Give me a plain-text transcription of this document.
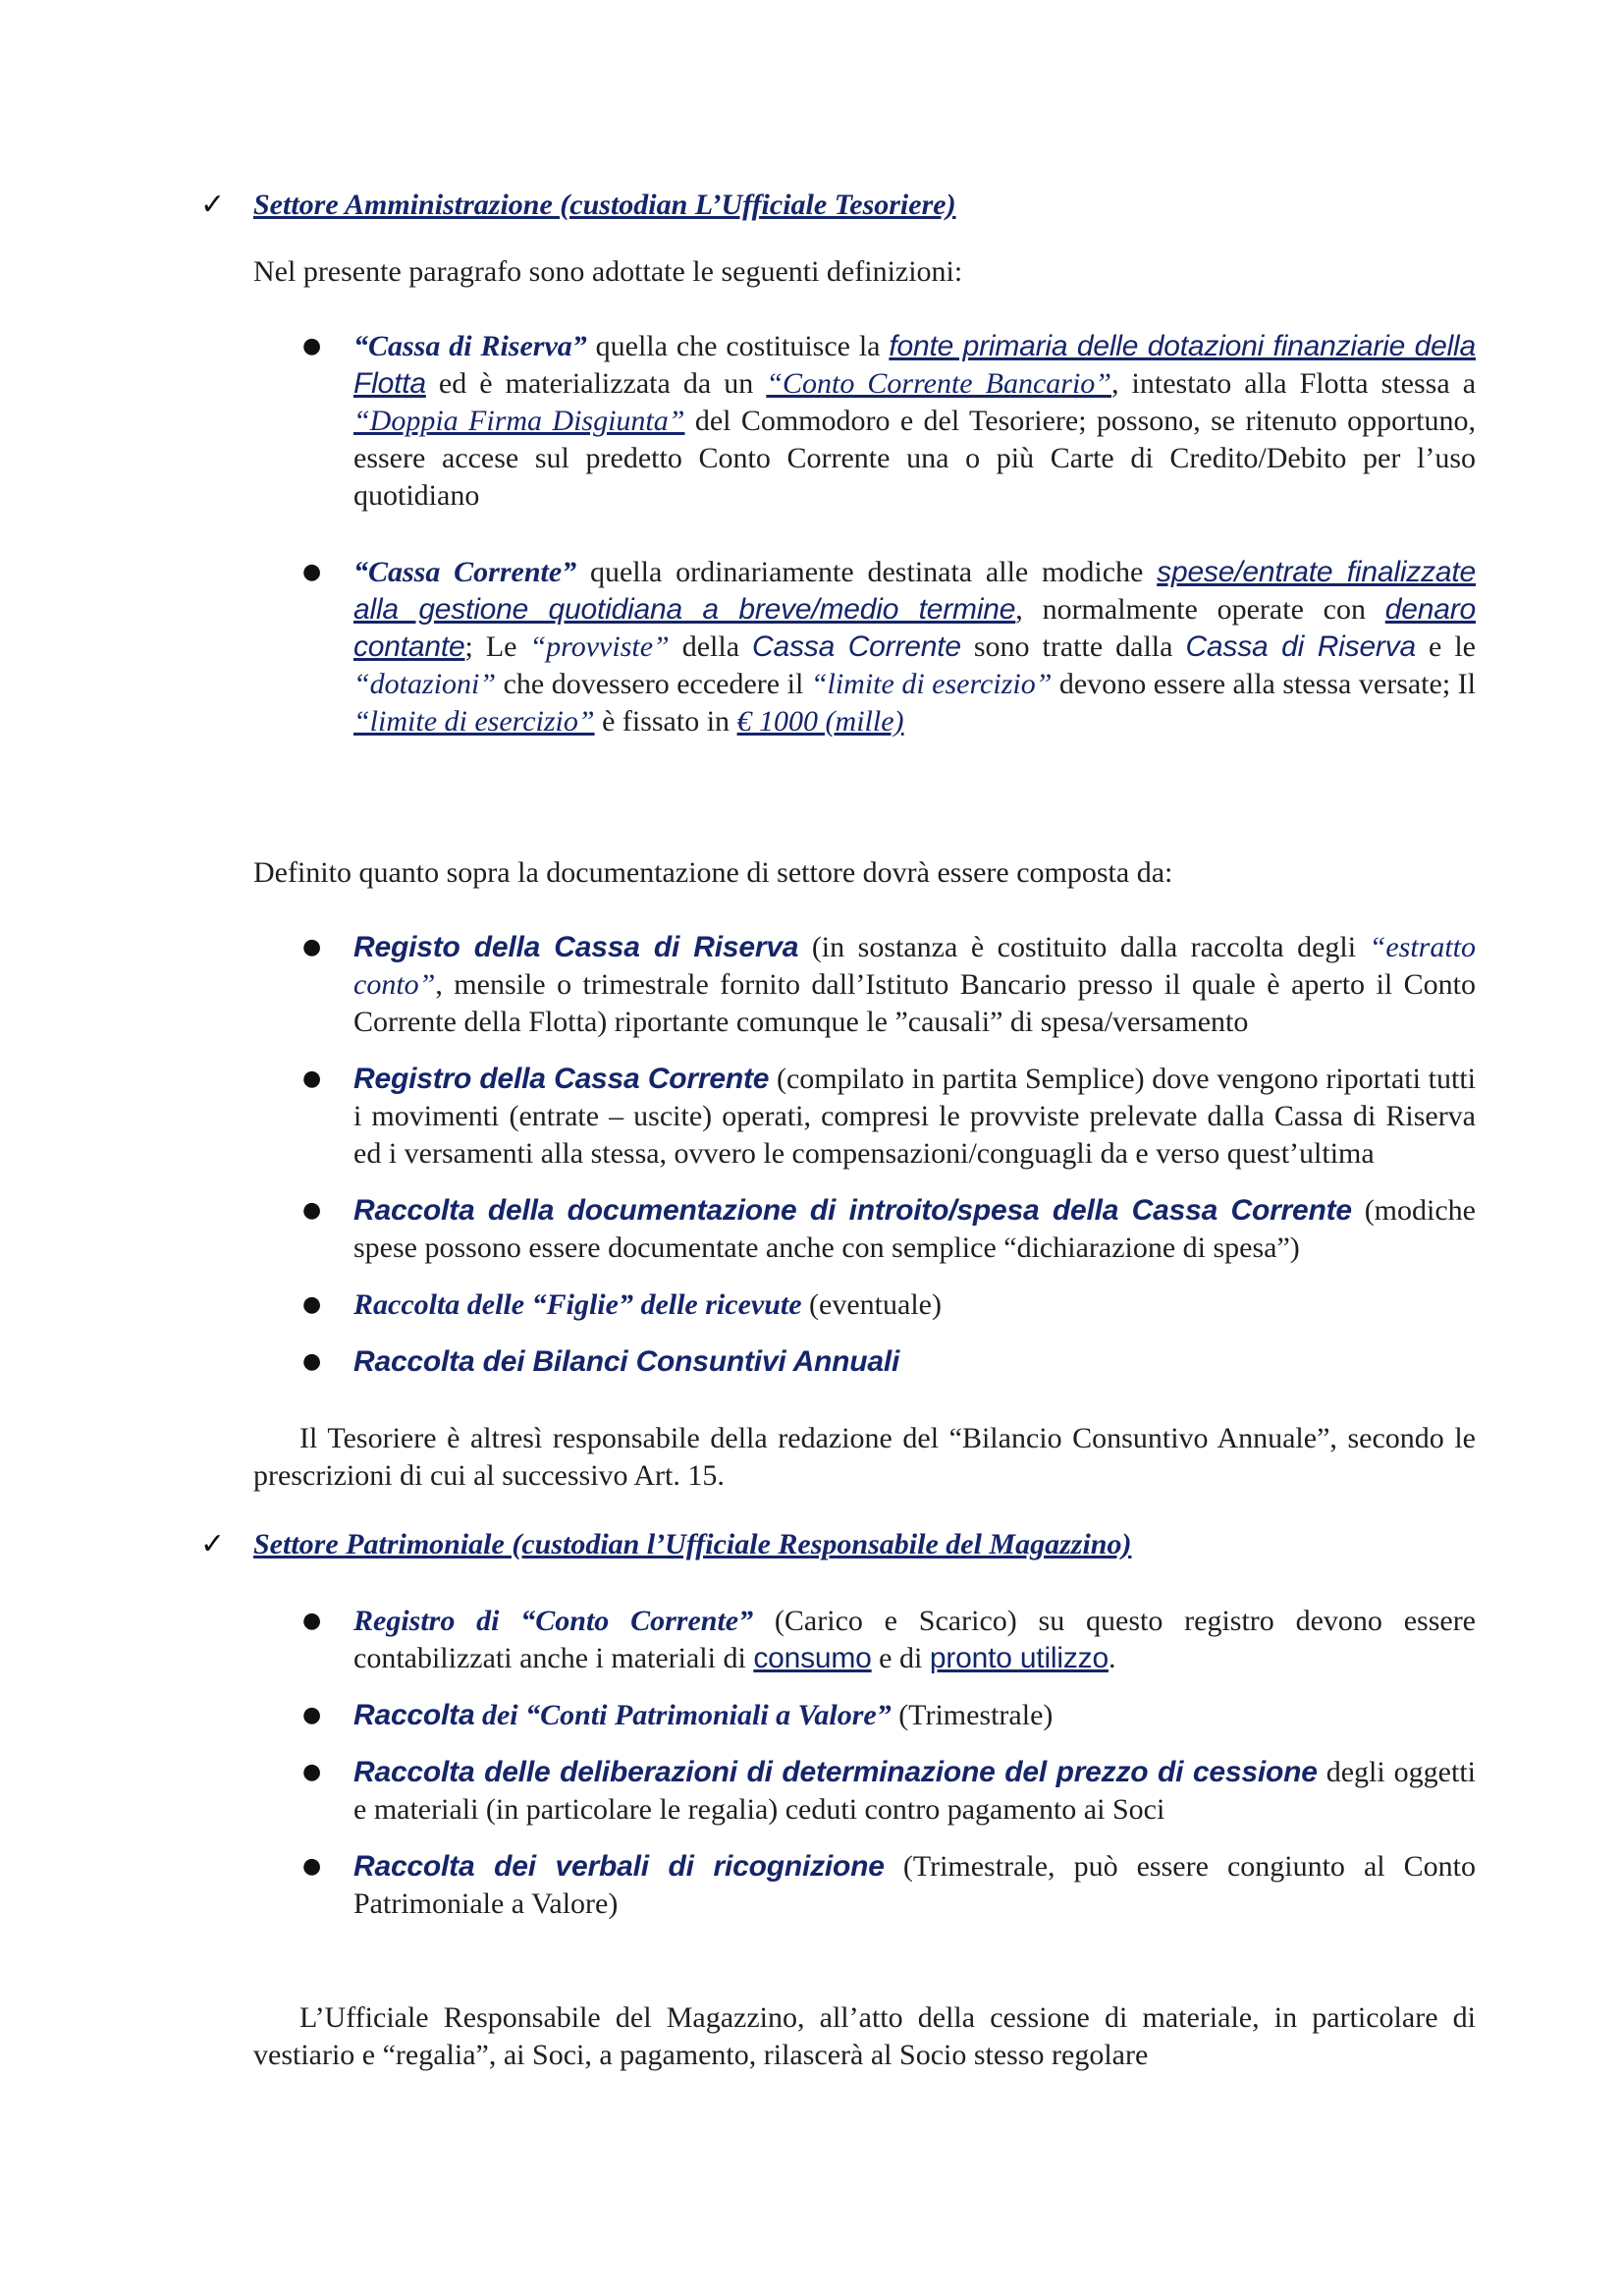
✓ Settore Amministrazione (custodian L’Ufficiale Tesoriere)

Nel presente paragrafo sono adottate le seguenti definizioni:

● “Cassa di Riserva” quella che costituisce la fonte primaria delle dotazioni finanziarie della Flotta ed è materializzata da un “Conto Corrente Bancario”, intestato alla Flotta stessa a “Doppia Firma Disgiunta” del Commodoro e del Tesoriere; possono, se ritenuto opportuno, essere accese sul predetto Conto Corrente una o più Carte di Credito/Debito per l’uso quotidiano
● “Cassa Corrente” quella ordinariamente destinata alle modiche spese/entrate finalizzate alla gestione quotidiana a breve/medio termine, normalmente operate con denaro contante; Le “provviste” della Cassa Corrente sono tratte dalla Cassa di Riserva e le “dotazioni” che dovessero eccedere il “limite di esercizio” devono essere alla stessa versate; Il “limite di esercizio” è fissato in € 1000 (mille)

Definito quanto sopra la documentazione di settore dovrà essere composta da:

● Registo della Cassa di Riserva (in sostanza è costituito dalla raccolta degli “estratto conto”, mensile o trimestrale fornito dall’Istituto Bancario presso il quale è aperto il Conto Corrente della Flotta) riportante comunque le ”causali” di spesa/versamento
● Registro della Cassa Corrente (compilato in partita Semplice) dove vengono riportati tutti i movimenti (entrate – uscite) operati, compresi le provviste prelevate dalla Cassa di Riserva ed i versamenti alla stessa, ovvero le compensazioni/conguagli da e verso quest’ultima
● Raccolta della documentazione di introito/spesa della Cassa Corrente (modiche spese possono essere documentate anche con semplice “dichiarazione di spesa”)
● Raccolta delle “Figlie” delle ricevute (eventuale)
● Raccolta dei Bilanci Consuntivi Annuali

Il Tesoriere è altresì responsabile della redazione del “Bilancio Consuntivo Annuale”, secondo le prescrizioni di cui al successivo Art. 15.

✓ Settore Patrimoniale (custodian l’Ufficiale Responsabile del Magazzino)
● Registro di “Conto Corrente” (Carico e Scarico) su questo registro devono essere contabilizzati anche i materiali di consumo e di pronto utilizzo.
● Raccolta dei “Conti Patrimoniali a Valore” (Trimestrale)
● Raccolta delle deliberazioni di determinazione del prezzo di cessione degli oggetti e materiali (in particolare le regalia) ceduti contro pagamento ai Soci
● Raccolta dei verbali di ricognizione (Trimestrale, può essere congiunto al Conto Patrimoniale a Valore)

L’Ufficiale Responsabile del Magazzino, all’atto della cessione di materiale, in particolare di vestiario e “regalia”, ai Soci, a pagamento, rilascerà al Socio stesso regolare
